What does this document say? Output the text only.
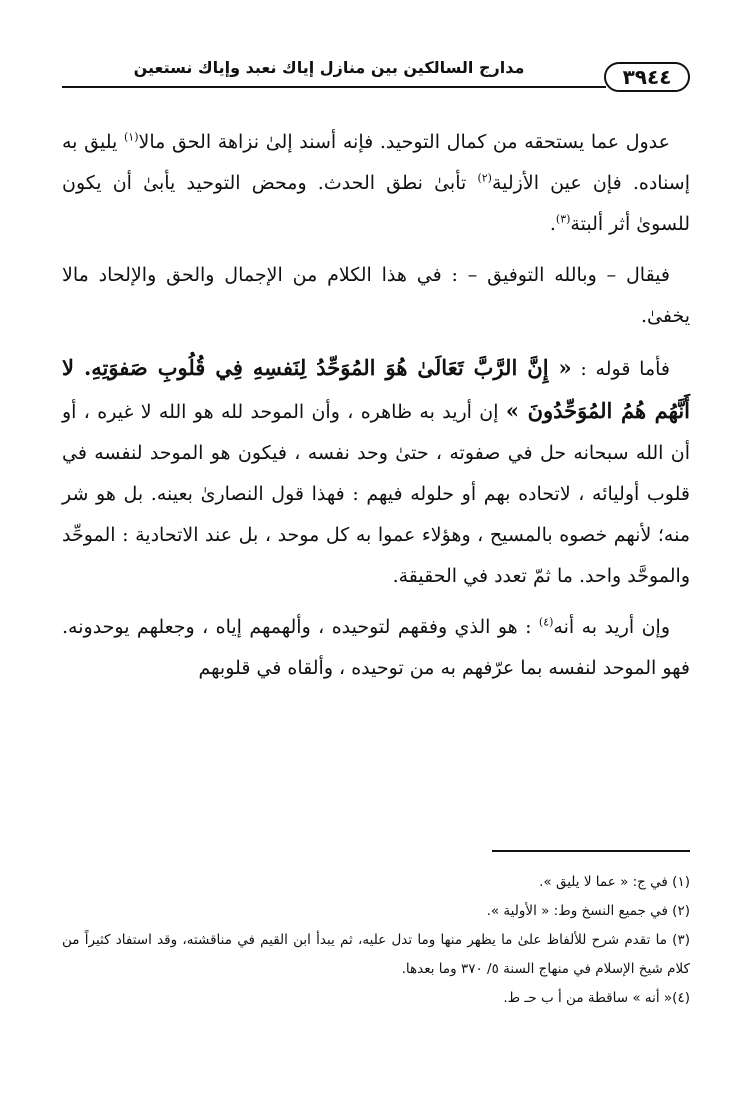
٣٩٤٤
مدارج السالكين بين منازل إياك نعبد وإياك نستعين

عدول عما يستحقه من كمال التوحيد. فإنه أسند إلىٰ نزاهة الحق مالا$^{(١)}$ يليق به إسناده. فإن عين الأزلية$^{(٢)}$ تأبىٰ نطق الحدث. ومحض التوحيد يأبىٰ أن يكون للسوىٰ أثر ألبتة$^{(٣)}$.

فيقال – وبالله التوفيق – : في هذا الكلام من الإجمال والحق والإلحاد مالا يخفىٰ.

فأما قوله : « إِنَّ الرَّبَّ تَعَالَىٰ هُوَ المُوَحِّدُ لِنَفسِهِ فِي قُلُوبِ صَفوَتِهِ. لا أَنَّهُم هُمُ المُوَحِّدُونَ » إن أريد به ظاهره ، وأن الموحد لله هو الله لا غيره ، أو أن الله سبحانه حل في صفوته ، حتىٰ وحد نفسه ، فيكون هو الموحد لنفسه في قلوب أوليائه ، لاتحاده بهم أو حلوله فيهم : فهذا قول النصارىٰ بعينه. بل هو شر منه؛ لأنهم خصوه بالمسيح ، وهؤلاء عموا به كل موحد ، بل عند الاتحادية : الموحِّد والموحَّد واحد. ما ثمّ تعدد في الحقيقة.

وإن أريد به أنه$^{(٤)}$ : هو الذي وفقهم لتوحيده ، وألهمهم إياه ، وجعلهم يوحدونه. فهو الموحد لنفسه بما عرّفهم به من توحيده ، وألقاه في قلوبهم

(١) في ج: « عما لا يليق ».

(٢) في جميع النسخ وط: « الأولية ».

(٣) ما تقدم شرح للألفاظ علىٰ ما يظهر منها وما تدل عليه، ثم يبدأ ابن القيم في مناقشته، وقد استفاد كثيراً من كلام شيخ الإسلام في منهاج السنة ٥/ ٣٧٠ وما بعدها.

(٤)« أنه » ساقطة من أ ب حـ ط.
